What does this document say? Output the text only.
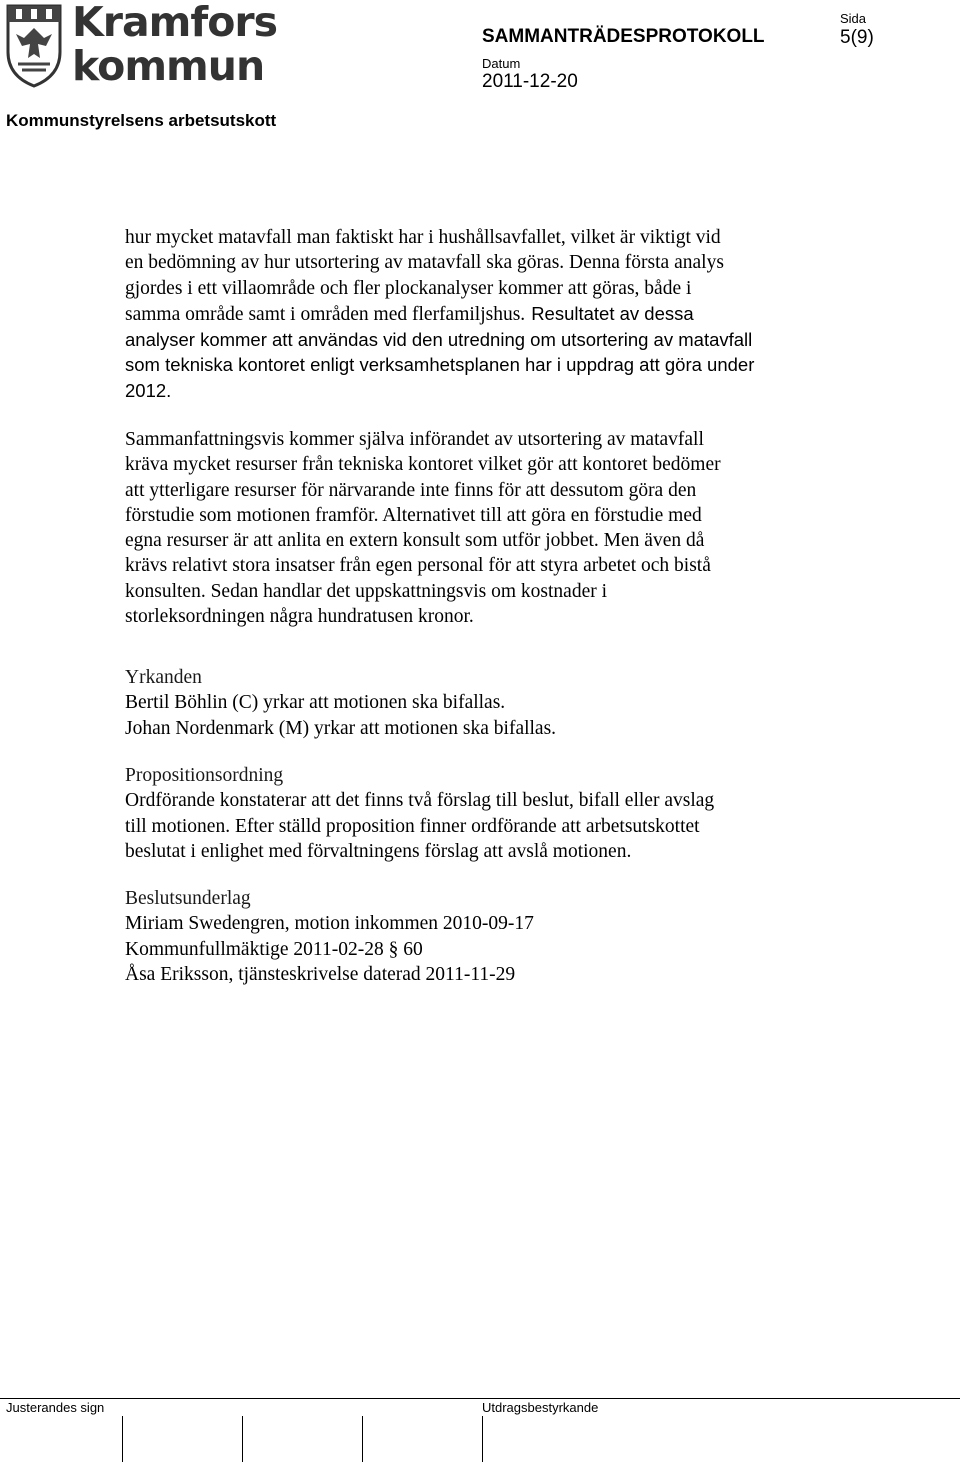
Kramfors
kommun
SAMMANTRÄDESPROTOKOLL
Datum
2011-12-20
Sida
5(9)
Kommunstyrelsens arbetsutskott
hur mycket matavfall man faktiskt har i hushållsavfallet, vilket är viktigt vid
en bedömning av hur utsortering av matavfall ska göras. Denna första analys
gjordes i ett villaområde och fler plockanalyser kommer att göras, både i
samma område samt i områden med flerfamiljshus. Resultatet av dessa
analyser kommer att användas vid den utredning om utsortering av matavfall
som tekniska kontoret enligt verksamhetsplanen har i uppdrag att göra under
2012.
Sammanfattningsvis kommer själva införandet av utsortering av matavfall
kräva mycket resurser från tekniska kontoret vilket gör att kontoret bedömer
att ytterligare resurser för närvarande inte finns för att dessutom göra den
förstudie som motionen framför. Alternativet till att göra en förstudie med
egna resurser är att anlita en extern konsult som utför jobbet. Men även då
krävs relativt stora insatser från egen personal för att styra arbetet och bistå
konsulten. Sedan handlar det uppskattningsvis om kostnader i
storleksordningen några hundratusen kronor.
Yrkanden
Bertil Böhlin (C) yrkar att motionen ska bifallas.
Johan Nordenmark (M) yrkar att motionen ska bifallas.
Propositionsordning
Ordförande konstaterar att det finns två förslag till beslut, bifall eller avslag
till motionen. Efter ställd proposition finner ordförande att arbetsutskottet
beslutat i enlighet med förvaltningens förslag att avslå motionen.
Beslutsunderlag
Miriam Swedengren, motion inkommen 2010-09-17
Kommunfullmäktige 2011-02-28 § 60
Åsa Eriksson, tjänsteskrivelse daterad 2011-11-29
Justerandes sign	Utdragsbestyrkande
